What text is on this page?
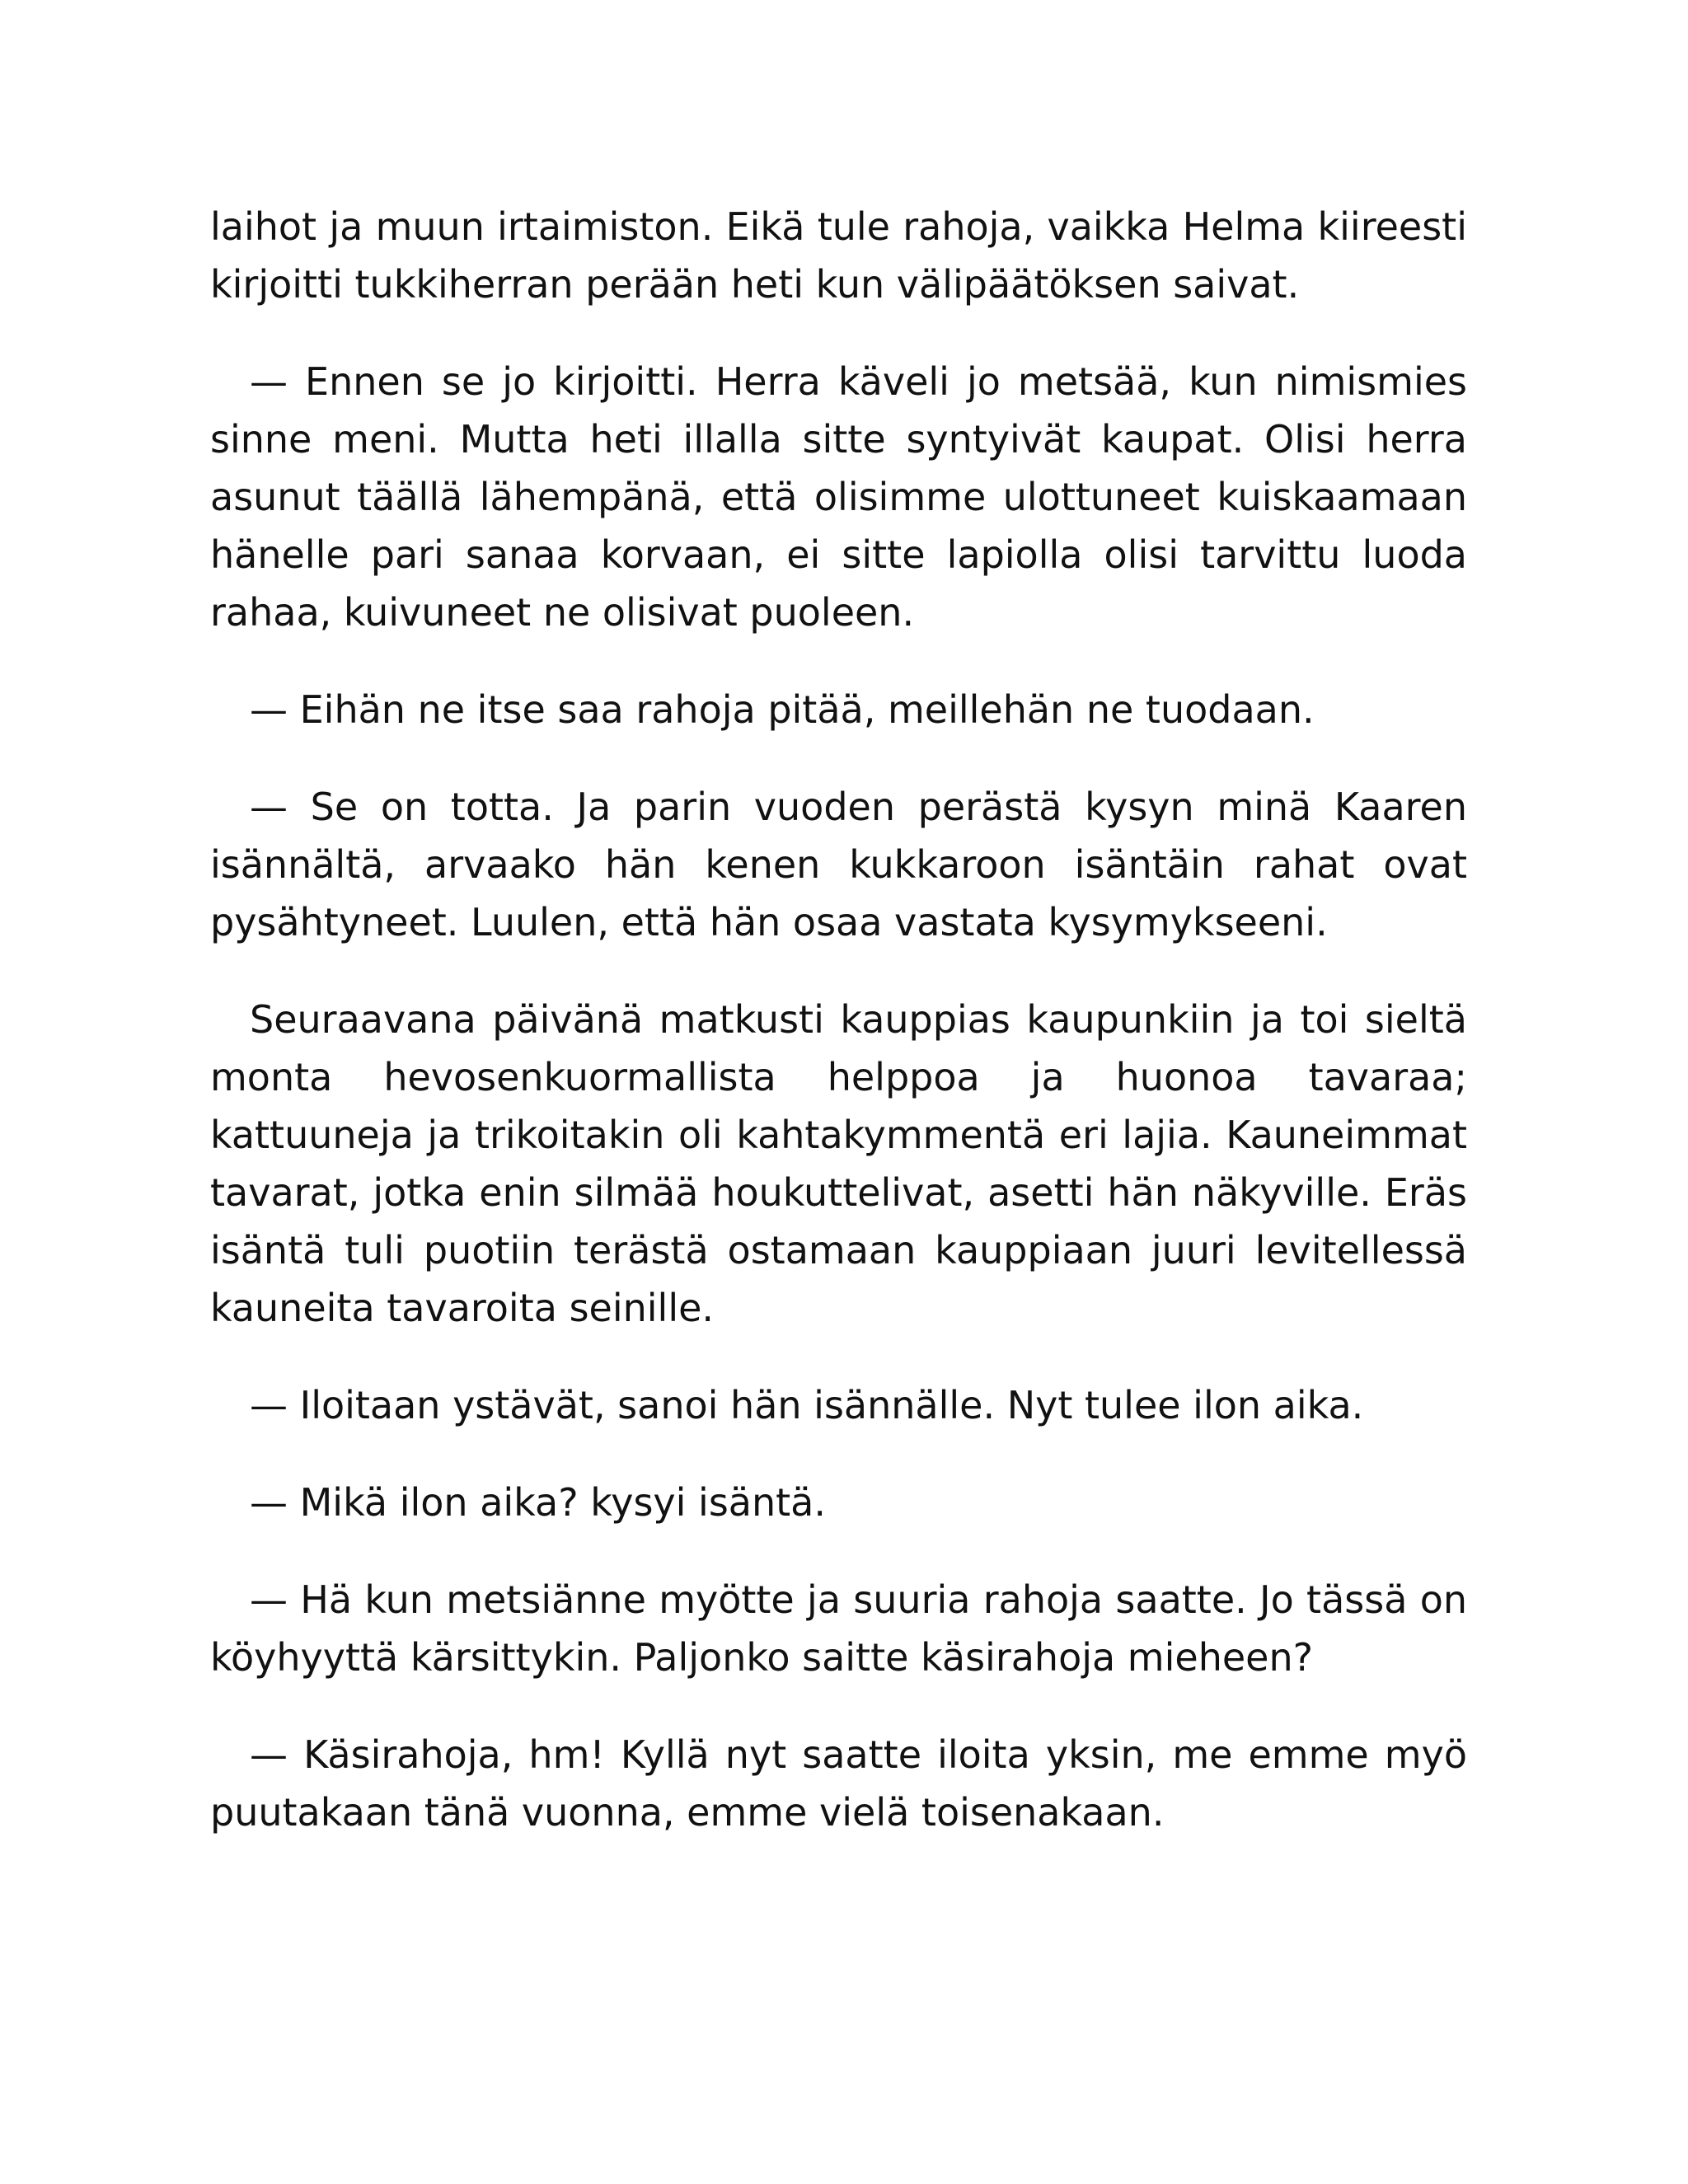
laihot ja muun irtaimiston. Eikä tule rahoja, vaikka Helma kiireesti kirjoitti tukkiherran perään heti kun välipäätöksen saivat.

— Ennen se jo kirjoitti. Herra käveli jo metsää, kun nimismies sinne meni. Mutta heti illalla sitte syntyivät kaupat. Olisi herra asunut täällä lähempänä, että olisimme ulottuneet kuiskaamaan hänelle pari sanaa korvaan, ei sitte lapiolla olisi tarvittu luoda rahaa, kuivuneet ne olisivat puoleen.

— Eihän ne itse saa rahoja pitää, meillehän ne tuodaan.

— Se on totta. Ja parin vuoden perästä kysyn minä Kaaren isännältä, arvaako hän kenen kukkaroon isäntäin rahat ovat pysähtyneet. Luulen, että hän osaa vastata kysymykseeni.

Seuraavana päivänä matkusti kauppias kaupunkiin ja toi sieltä monta hevosenkuormallista helppoa ja huonoa tavaraa; kattuuneja ja trikoitakin oli kahtakymmentä eri lajia. Kauneimmat tavarat, jotka enin silmää houkuttelivat, asetti hän näkyville. Eräs isäntä tuli puotiin terästä ostamaan kauppiaan juuri levitellessä kauneita tavaroita seinille.

— Iloitaan ystävät, sanoi hän isännälle. Nyt tulee ilon aika.

— Mikä ilon aika? kysyi isäntä.

— Hä kun metsiänne myötte ja suuria rahoja saatte. Jo tässä on köyhyyttä kärsittykin. Paljonko saitte käsirahoja mieheen?

— Käsirahoja, hm! Kyllä nyt saatte iloita yksin, me emme myö puutakaan tänä vuonna, emme vielä toisenakaan.
